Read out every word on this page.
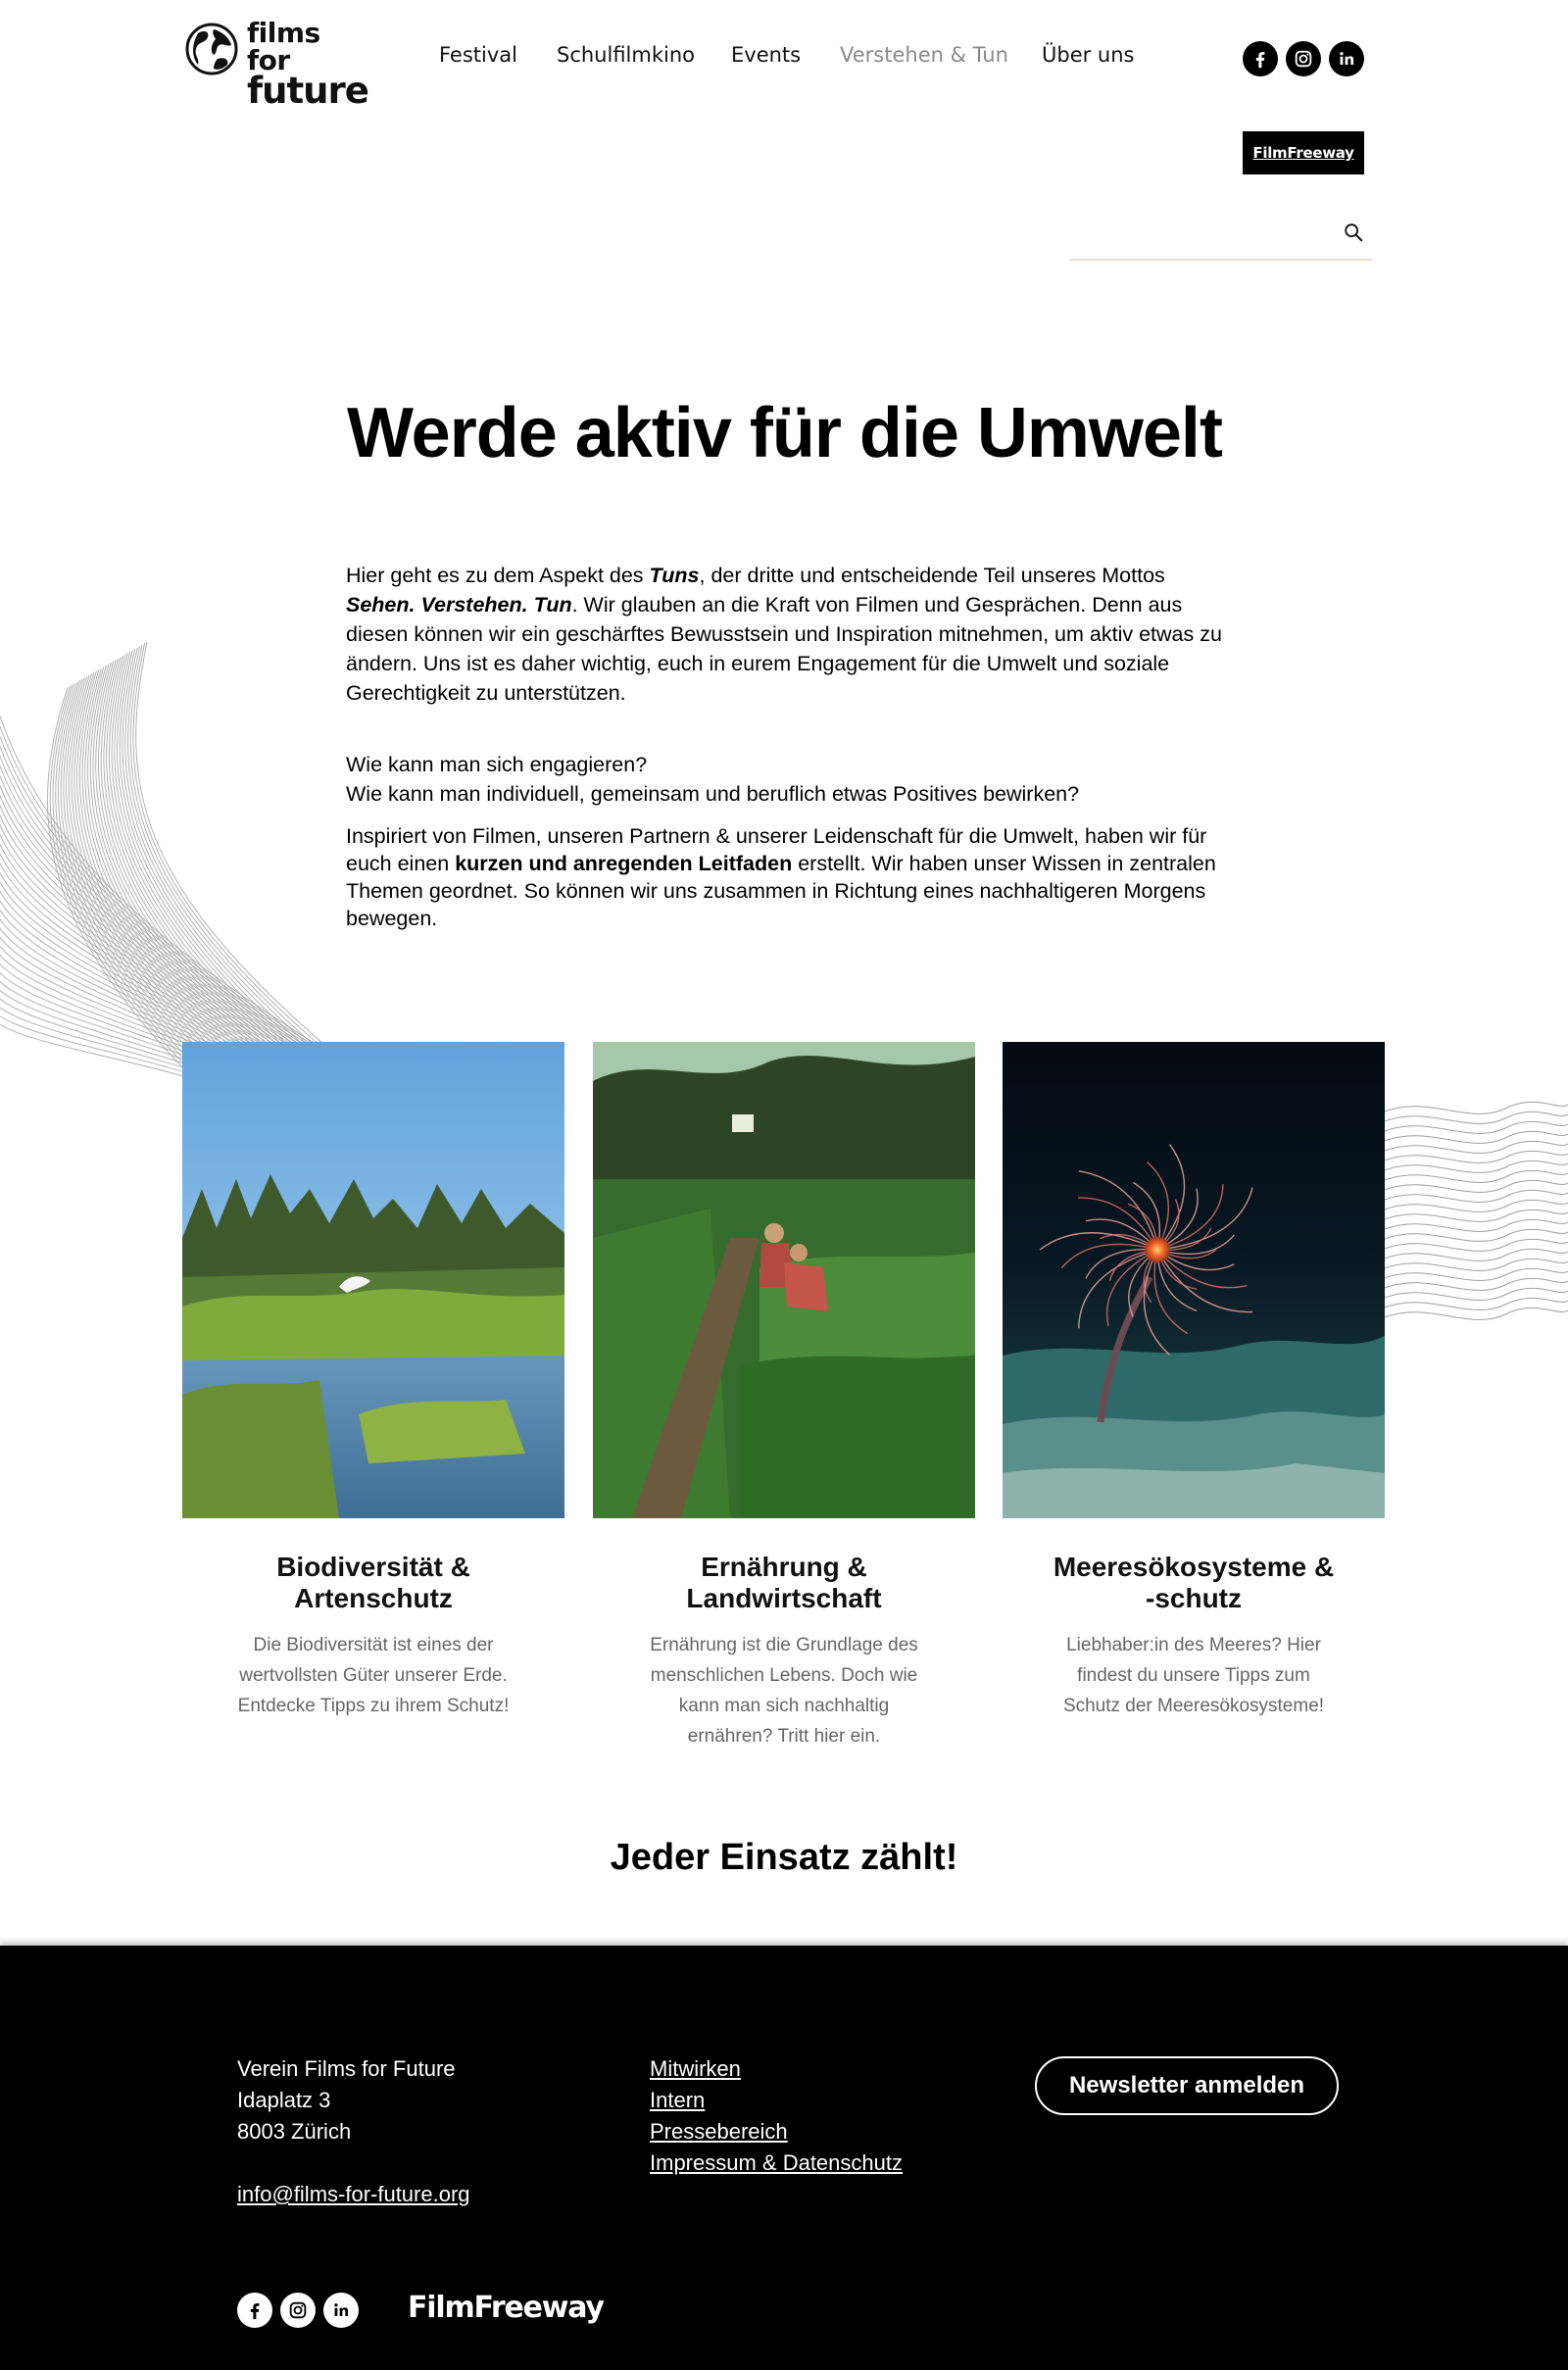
films for
future
Festival Schulfilmkino Events Verstehen & Tun Über uns
FilmFreeway
Werde aktiv für die Umwelt

Hier geht es zu dem Aspekt des Tuns, der dritte und entscheidende Teil unseres Mottos Sehen. Verstehen. Tun. Wir glauben an die Kraft von Filmen und Gesprächen. Denn aus diesen können wir ein geschärftes Bewusstsein und Inspiration mitnehmen, um aktiv etwas zu ändern. Uns ist es daher wichtig, euch in eurem Engagement für die Umwelt und soziale Gerechtigkeit zu unterstützen.

Wie kann man sich engagieren?
Wie kann man individuell, gemeinsam und beruflich etwas Positives bewirken?

Inspiriert von Filmen, unseren Partnern & unserer Leidenschaft für die Umwelt, haben wir für euch einen kurzen und anregenden Leitfaden erstellt. Wir haben unser Wissen in zentralen Themen geordnet. So können wir uns zusammen in Richtung eines nachhaltigeren Morgens bewegen.

Biodiversität &
Artenschutz

Die Biodiversität ist eines der wertvollsten Güter unserer Erde. Entdecke Tipps zu ihrem Schutz!

Ernährung &
Landwirtschaft

Ernährung ist die Grundlage des menschlichen Lebens. Doch wie kann man sich nachhaltig ernähren? Tritt hier ein.

Meeresökosysteme &
-schutz

Liebhaber:in des Meeres? Hier findest du unsere Tipps zum Schutz der Meeresökosysteme!

Jeder Einsatz zählt!
Verein Films for Future
Idaplatz 3
8003 Zürich
info@films-for-future.org
Mitwirken
Intern
Pressebereich
Impressum & Datenschutz
Newsletter anmelden
FilmFreeway
